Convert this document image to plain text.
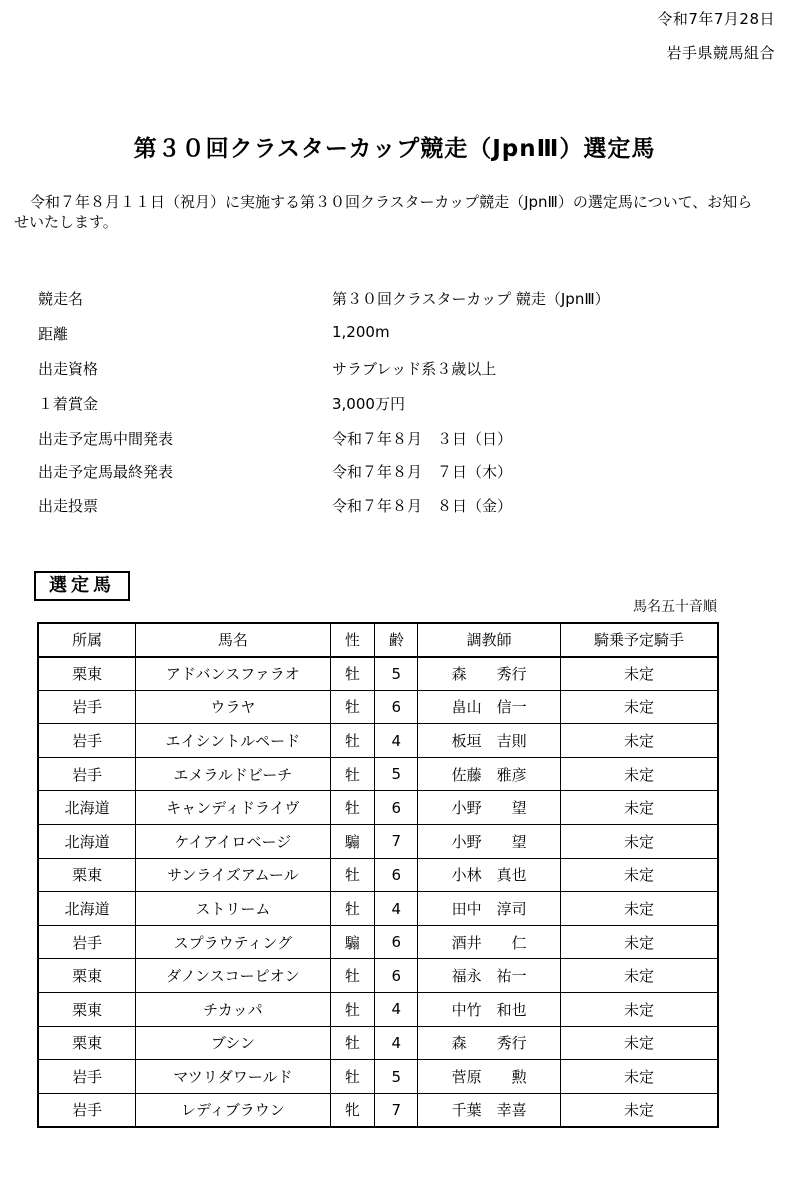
令和7年7月28日
岩手県競馬組合
第３０回クラスターカップ競走（JpnⅢ）選定馬
令和７年８月１１日（祝月）に実施する第３０回クラスターカップ競走（JpnⅢ）の選定馬について、お知らせいたします。
競走名	第３０回クラスターカップ 競走（JpnⅢ）
距離	1,200m
出走資格	サラブレッド系３歳以上
１着賞金	3,000万円
出走予定馬中間発表	令和７年８月　３日（日）
出走予定馬最終発表	令和７年８月　７日（木）
出走投票	令和７年８月　８日（金）
選定馬
馬名五十音順
所属	馬名	性	齢	調教師	騎乗予定騎手
栗東	アドバンスファラオ	牡	5	森　　秀行	未定
岩手	ウラヤ	牡	6	畠山　信一	未定
岩手	エイシントルペード	牡	4	板垣　吉則	未定
岩手	エメラルドビーチ	牡	5	佐藤　雅彦	未定
北海道	キャンディドライヴ	牡	6	小野　　望	未定
北海道	ケイアイロベージ	騸	7	小野　　望	未定
栗東	サンライズアムール	牡	6	小林　真也	未定
北海道	ストリーム	牡	4	田中　淳司	未定
岩手	スプラウティング	騸	6	酒井　　仁	未定
栗東	ダノンスコーピオン	牡	6	福永　祐一	未定
栗東	チカッパ	牡	4	中竹　和也	未定
栗東	ブシン	牡	4	森　　秀行	未定
岩手	マツリダワールド	牡	5	菅原　　勲	未定
岩手	レディブラウン	牝	7	千葉　幸喜	未定
